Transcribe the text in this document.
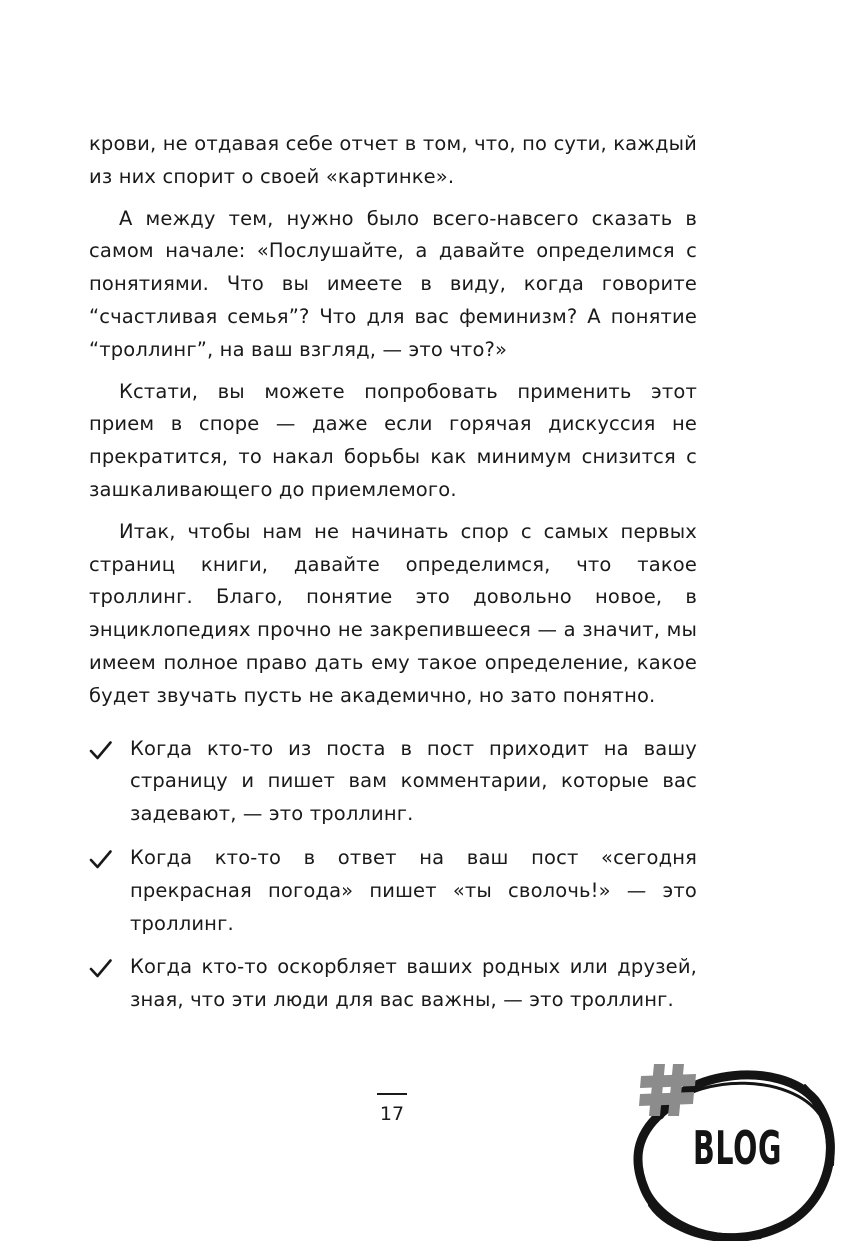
крови, не отдавая себе отчет в том, что, по сути, каждый из них спорит о своей «картинке».

А между тем, нужно было всего-навсего сказать в самом начале: «Послушайте, а давайте определимся с понятиями. Что вы имеете в виду, когда говорите “счастливая семья”? Что для вас феминизм? А понятие “троллинг”, на ваш взгляд, — это что?»

Кстати, вы можете попробовать применить этот прием в споре — даже если горячая дискуссия не прекратится, то накал борьбы как минимум снизится с зашкаливающего до приемлемого.

Итак, чтобы нам не начинать спор с самых первых страниц книги, давайте определимся, что такое троллинг. Благо, понятие это довольно новое, в энциклопедиях прочно не закрепившееся — а значит, мы имеем полное право дать ему такое определение, какое будет звучать пусть не академично, но зато понятно.

Когда кто-то из поста в пост приходит на вашу страницу и пишет вам комментарии, которые вас задевают, — это троллинг.
Когда кто-то в ответ на ваш пост «сегодня прекрасная погода» пишет «ты сволочь!» — это троллинг.
Когда кто-то оскорбляет ваших родных или друзей, зная, что эти люди для вас важны, — это троллинг.
17
BLOG
